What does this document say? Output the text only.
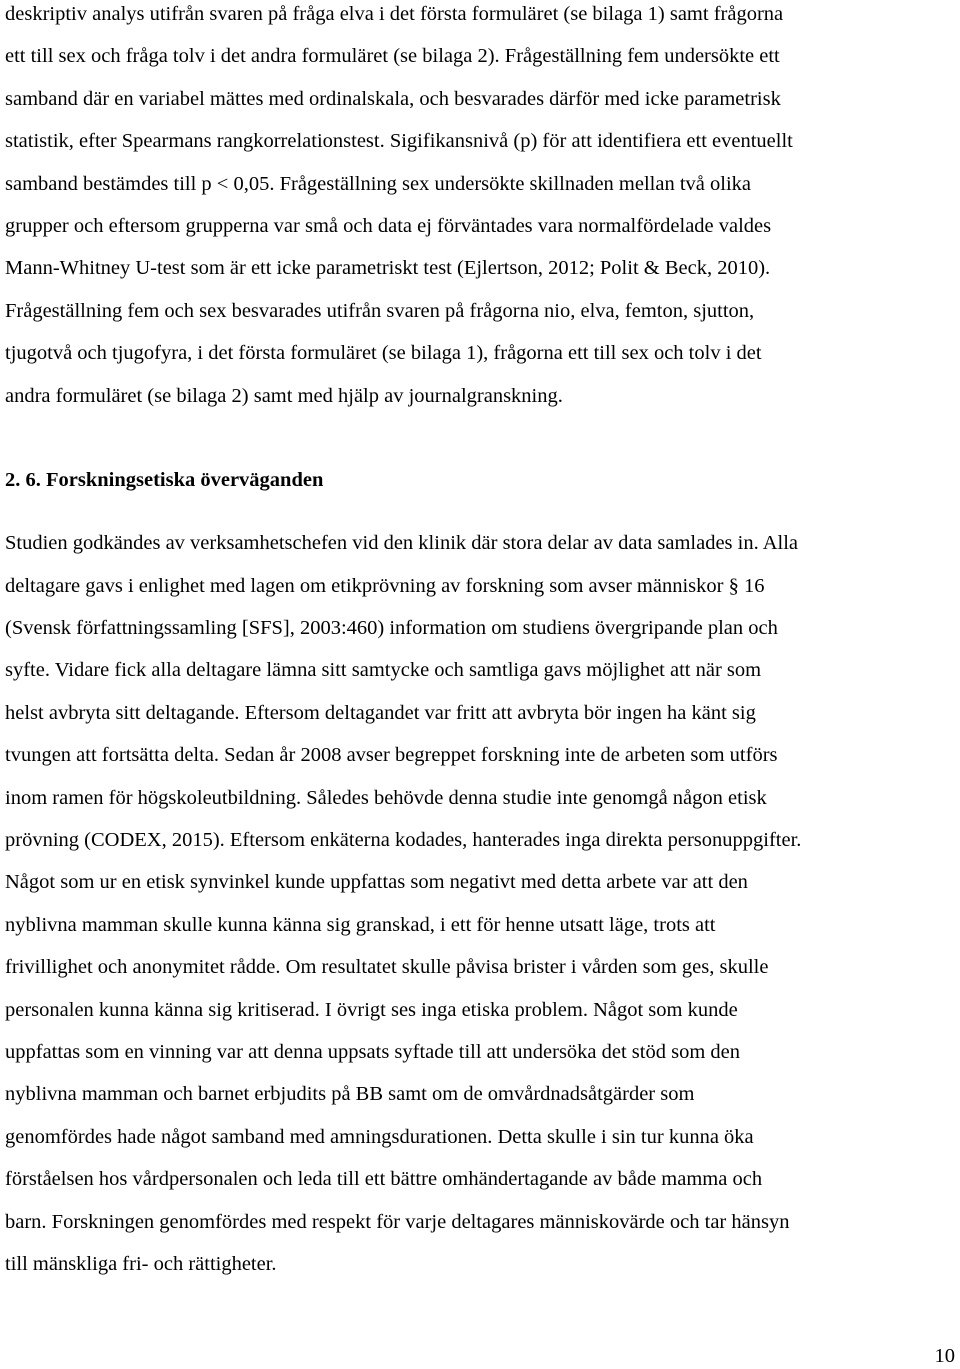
deskriptiv analys utifrån svaren på fråga elva i det första formuläret (se bilaga 1) samt frågorna
ett till sex och fråga tolv i det andra formuläret (se bilaga 2). Frågeställning fem undersökte ett
samband där en variabel mättes med ordinalskala, och besvarades därför med icke parametrisk
statistik, efter Spearmans rangkorrelationstest. Sigifikansnivå (p) för att identifiera ett eventuellt
samband bestämdes till p < 0,05. Frågeställning sex undersökte skillnaden mellan två olika
grupper och eftersom grupperna var små och data ej förväntades vara normalfördelade valdes
Mann-Whitney U-test som är ett icke parametriskt test (Ejlertson, 2012; Polit & Beck, 2010).
Frågeställning fem och sex besvarades utifrån svaren på frågorna nio, elva, femton, sjutton,
tjugotvå och tjugofyra, i det första formuläret (se bilaga 1), frågorna ett till sex och tolv i det
andra formuläret (se bilaga 2) samt med hjälp av journalgranskning.
2. 6. Forskningsetiska överväganden
Studien godkändes av verksamhetschefen vid den klinik där stora delar av data samlades in. Alla
deltagare gavs i enlighet med lagen om etikprövning av forskning som avser människor § 16
(Svensk författningssamling [SFS], 2003:460) information om studiens övergripande plan och
syfte. Vidare fick alla deltagare lämna sitt samtycke och samtliga gavs möjlighet att när som
helst avbryta sitt deltagande. Eftersom deltagandet var fritt att avbryta bör ingen ha känt sig
tvungen att fortsätta delta. Sedan år 2008 avser begreppet forskning inte de arbeten som utförs
inom ramen för högskoleutbildning. Således behövde denna studie inte genomgå någon etisk
prövning (CODEX, 2015). Eftersom enkäterna kodades, hanterades inga direkta personuppgifter.
Något som ur en etisk synvinkel kunde uppfattas som negativt med detta arbete var att den
nyblivna mamman skulle kunna känna sig granskad, i ett för henne utsatt läge, trots att
frivillighet och anonymitet rådde. Om resultatet skulle påvisa brister i vården som ges, skulle
personalen kunna känna sig kritiserad. I övrigt ses inga etiska problem. Något som kunde
uppfattas som en vinning var att denna uppsats syftade till att undersöka det stöd som den
nyblivna mamman och barnet erbjudits på BB samt om de omvårdnadsåtgärder som
genomfördes hade något samband med amningsdurationen. Detta skulle i sin tur kunna öka
förståelsen hos vårdpersonalen och leda till ett bättre omhändertagande av både mamma och
barn. Forskningen genomfördes med respekt för varje deltagares människovärde och tar hänsyn
till mänskliga fri- och rättigheter.
10
